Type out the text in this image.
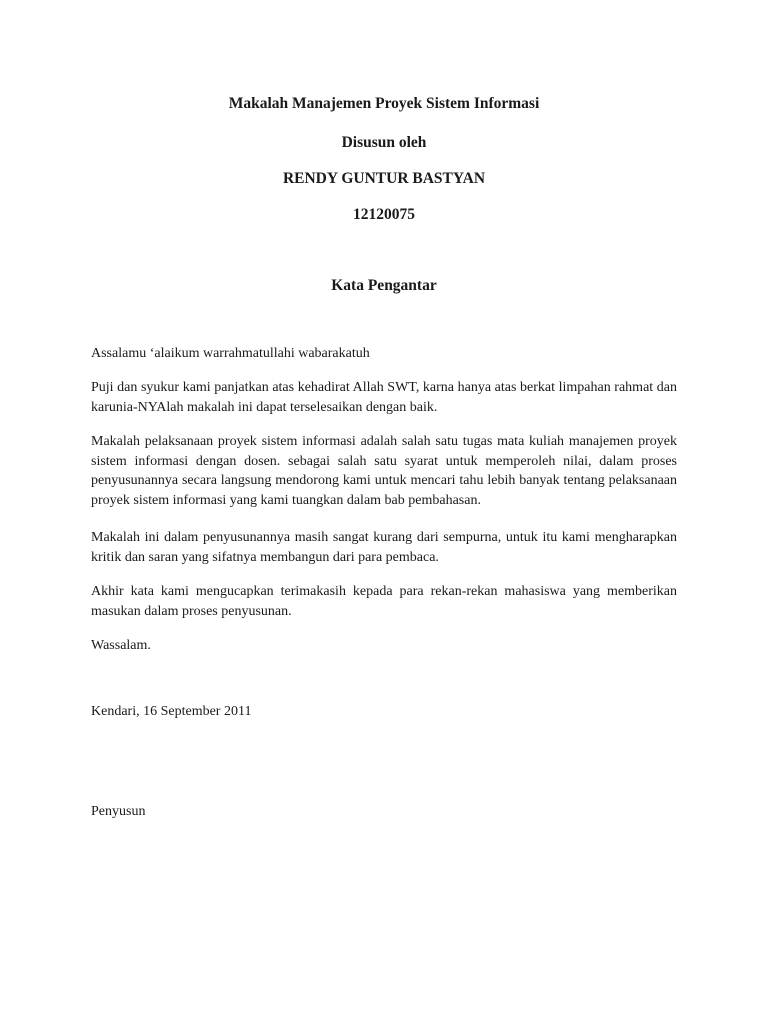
Makalah Manajemen Proyek Sistem Informasi

Disusun oleh

RENDY GUNTUR BASTYAN

12120075

Kata Pengantar

Assalamu ‘alaikum warrahmatullahi wabarakatuh

Puji dan syukur kami panjatkan atas kehadirat Allah SWT, karna hanya atas berkat limpahan rahmat dan karunia-NYAlah makalah ini dapat terselesaikan dengan baik.

Makalah pelaksanaan proyek sistem informasi adalah salah satu tugas mata kuliah manajemen proyek sistem informasi dengan dosen. sebagai salah satu syarat untuk memperoleh nilai, dalam proses penyusunannya secara langsung mendorong kami untuk mencari tahu lebih banyak tentang pelaksanaan proyek sistem informasi yang kami tuangkan dalam bab pembahasan.

Makalah ini dalam penyusunannya masih sangat kurang dari sempurna, untuk itu kami mengharapkan kritik dan saran yang sifatnya membangun dari para pembaca.

Akhir kata kami mengucapkan terimakasih kepada para rekan-rekan mahasiswa yang memberikan masukan dalam proses penyusunan.

Wassalam.

Kendari, 16 September 2011

Penyusun
